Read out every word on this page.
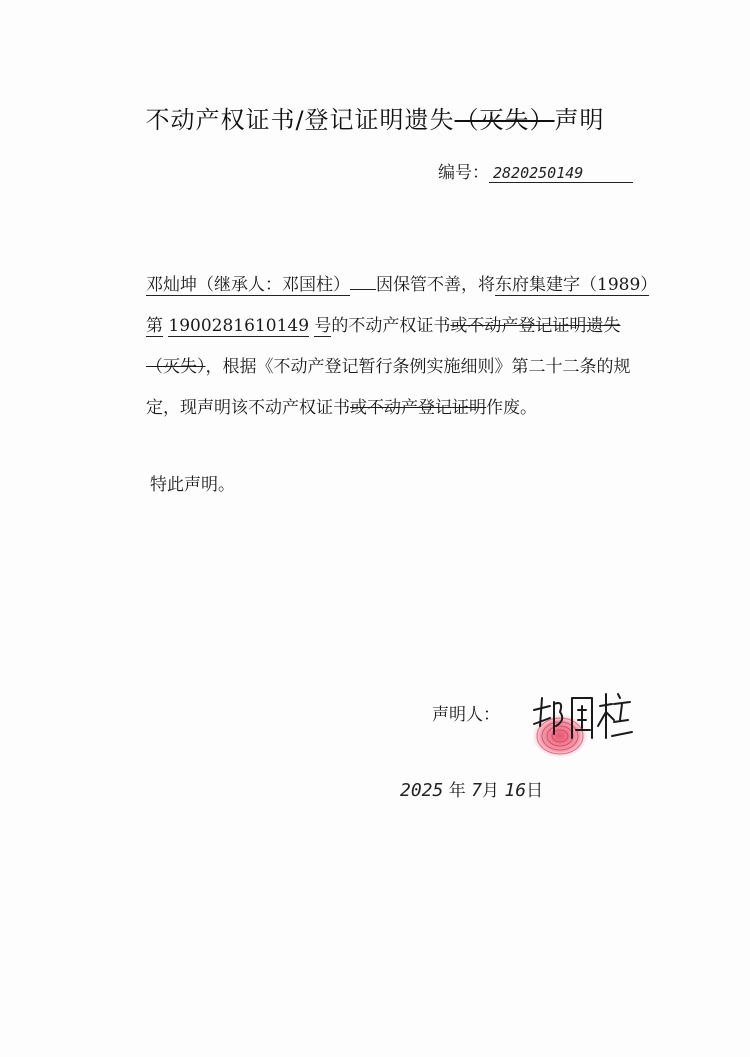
不动产权证书/登记证明遗失（灭失）声明
编号： 2820250149

邓灿坤（继承人：邓国柱） 因保管不善，将东府集建字（1989）第 1900281610149 号的不动产权证书或不动产登记证明遗失（灭失），根据《不动产登记暂行条例实施细则》第二十二条的规定，现声明该不动产权证书或不动产登记证明作废。

特此声明。
声明人：
2025 年 7月 16日
